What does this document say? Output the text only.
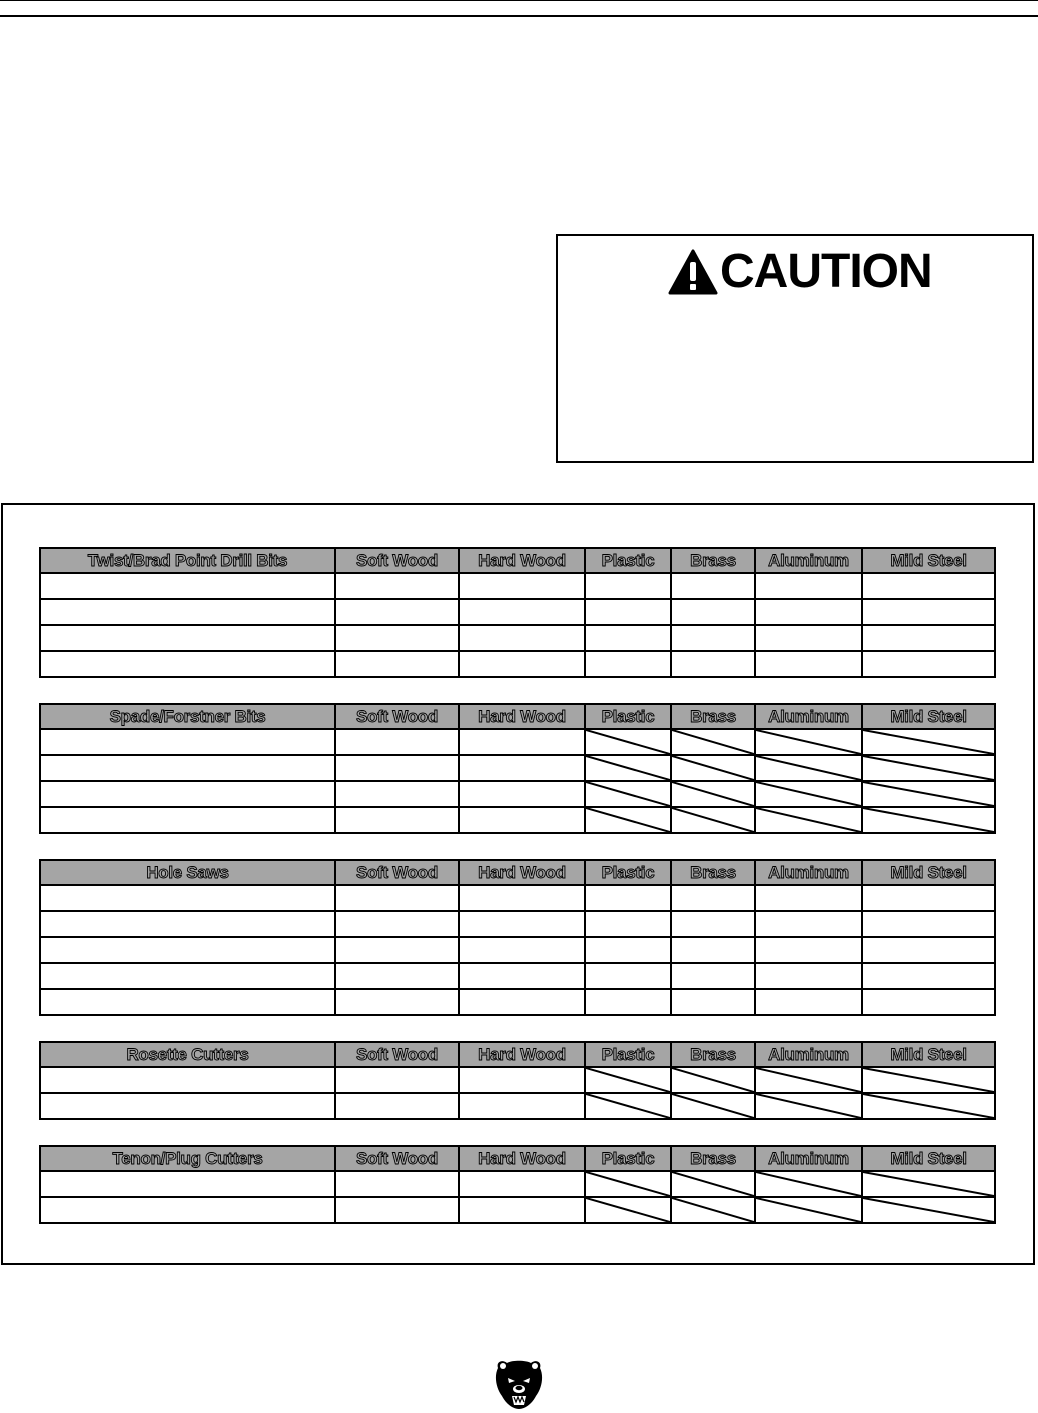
CAUTION
Twist/Brad Point Drill Bits	Soft Wood	Hard Wood	Plastic	Brass	Aluminum	Mild Steel

Spade/Forstner Bits	Soft Wood	Hard Wood	Plastic	Brass	Aluminum	Mild Steel

Hole Saws	Soft Wood	Hard Wood	Plastic	Brass	Aluminum	Mild Steel

Rosette Cutters	Soft Wood	Hard Wood	Plastic	Brass	Aluminum	Mild Steel

Tenon/Plug Cutters	Soft Wood	Hard Wood	Plastic	Brass	Aluminum	Mild Steel
